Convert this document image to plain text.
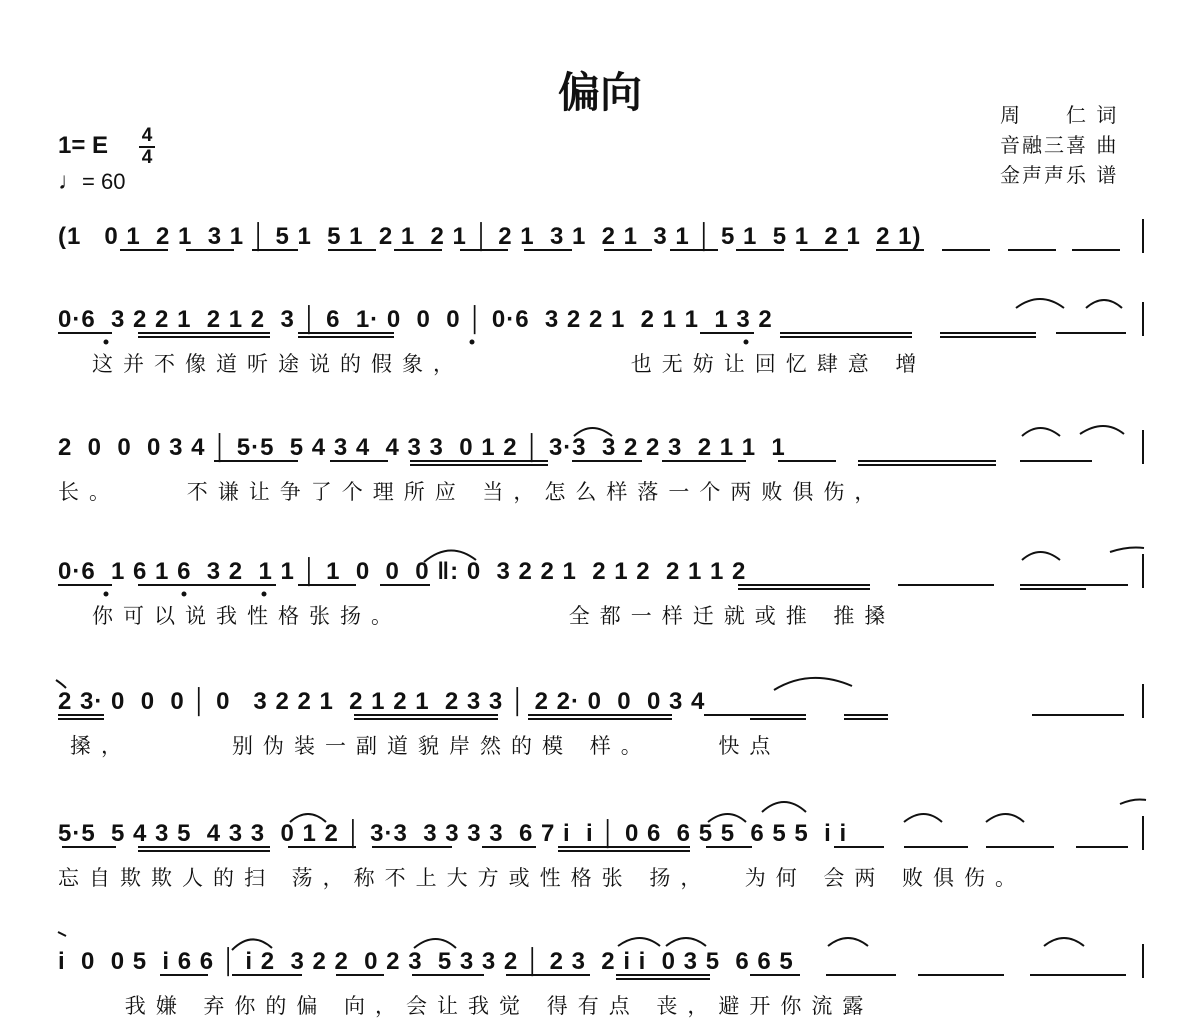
偏向
1= E 4
4
♩= 60
周　　仁 词
音融三喜 曲
金声声乐 谱
(1   0 1  2 1  3 1 │ 5 1  5 1  2 1  2 1 │ 2 1  3 1  2 1  3 1 │ 5 1  5 1  2 1  2 1)
0·6  3 2 2 1  2 1 2  3 │ 6  1· 0  0  0 │ 0·6  3 2 2 1  2 1 1  1 3 2
这并不像道听途说的假象，          也无妨让回忆肆意 增
2  0  0  0 3 4 │ 5·5  5 4 3 4  4 3 3  0 1 2 │ 3·3  3 2 2 3  2 1 1  1
长。    不谦让争了个理所应 当，怎么样落一个两败俱伤，
0·6  1 6 1 6  3 2  1 1 │ 1  0  0  0 ‖: 0  3 2 2 1  2 1 2  2 1 1 2
你可以说我性格张扬。          全都一样迁就或推 推搡
2 3· 0  0  0 │ 0   3 2 2 1  2 1 2 1  2 3 3 │ 2 2· 0  0  0 3 4
搡，      别伪装一副道貌岸然的模 样。    快点
5·5  5 4 3 5  4 3 3  0 1 2 │ 3·3  3 3 3 3  6 7 i  i │ 0 6  6 5 5  6 5 5  i i
忘自欺欺人的扫 荡，称不上大方或性格张 扬，  为何 会两 败俱伤。
i  0  0 5  i 6 6 │ i 2  3 2 2  0 2 3  5 3 3 2 │ 2 3  2 i i  0 3 5  6 6 5
我嫌 弃你的偏 向，会让我觉 得有点 丧，避开你流露
